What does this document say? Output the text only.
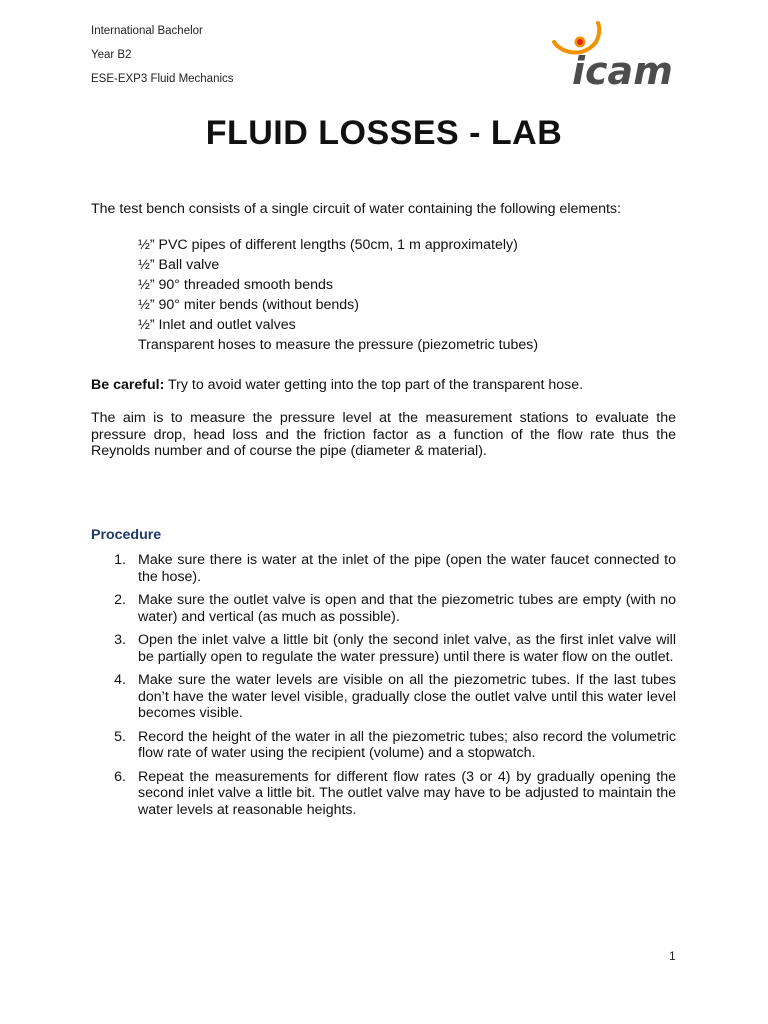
International Bachelor
Year B2
ESE-EXP3 Fluid Mechanics	icam
FLUID LOSSES - LAB
The test bench consists of a single circuit of water containing the following elements:
½” PVC pipes of different lengths (50cm, 1 m approximately)
½” Ball valve
½” 90° threaded smooth bends
½” 90° miter bends (without bends)
½” Inlet and outlet valves
Transparent hoses to measure the pressure (piezometric tubes)
Be careful: Try to avoid water getting into the top part of the transparent hose.
The aim is to measure the pressure level at the measurement stations to evaluate the pressure drop, head loss and the friction factor as a function of the flow rate thus the Reynolds number and of course the pipe (diameter & material).
Procedure
1. Make sure there is water at the inlet of the pipe (open the water faucet connected to the hose).
2. Make sure the outlet valve is open and that the piezometric tubes are empty (with no water) and vertical (as much as possible).
3. Open the inlet valve a little bit (only the second inlet valve, as the first inlet valve will be partially open to regulate the water pressure) until there is water flow on the outlet.
4. Make sure the water levels are visible on all the piezometric tubes. If the last tubes don’t have the water level visible, gradually close the outlet valve until this water level becomes visible.
5. Record the height of the water in all the piezometric tubes; also record the volumetric flow rate of water using the recipient (volume) and a stopwatch.
6. Repeat the measurements for different flow rates (3 or 4) by gradually opening the second inlet valve a little bit. The outlet valve may have to be adjusted to maintain the water levels at reasonable heights.
1
